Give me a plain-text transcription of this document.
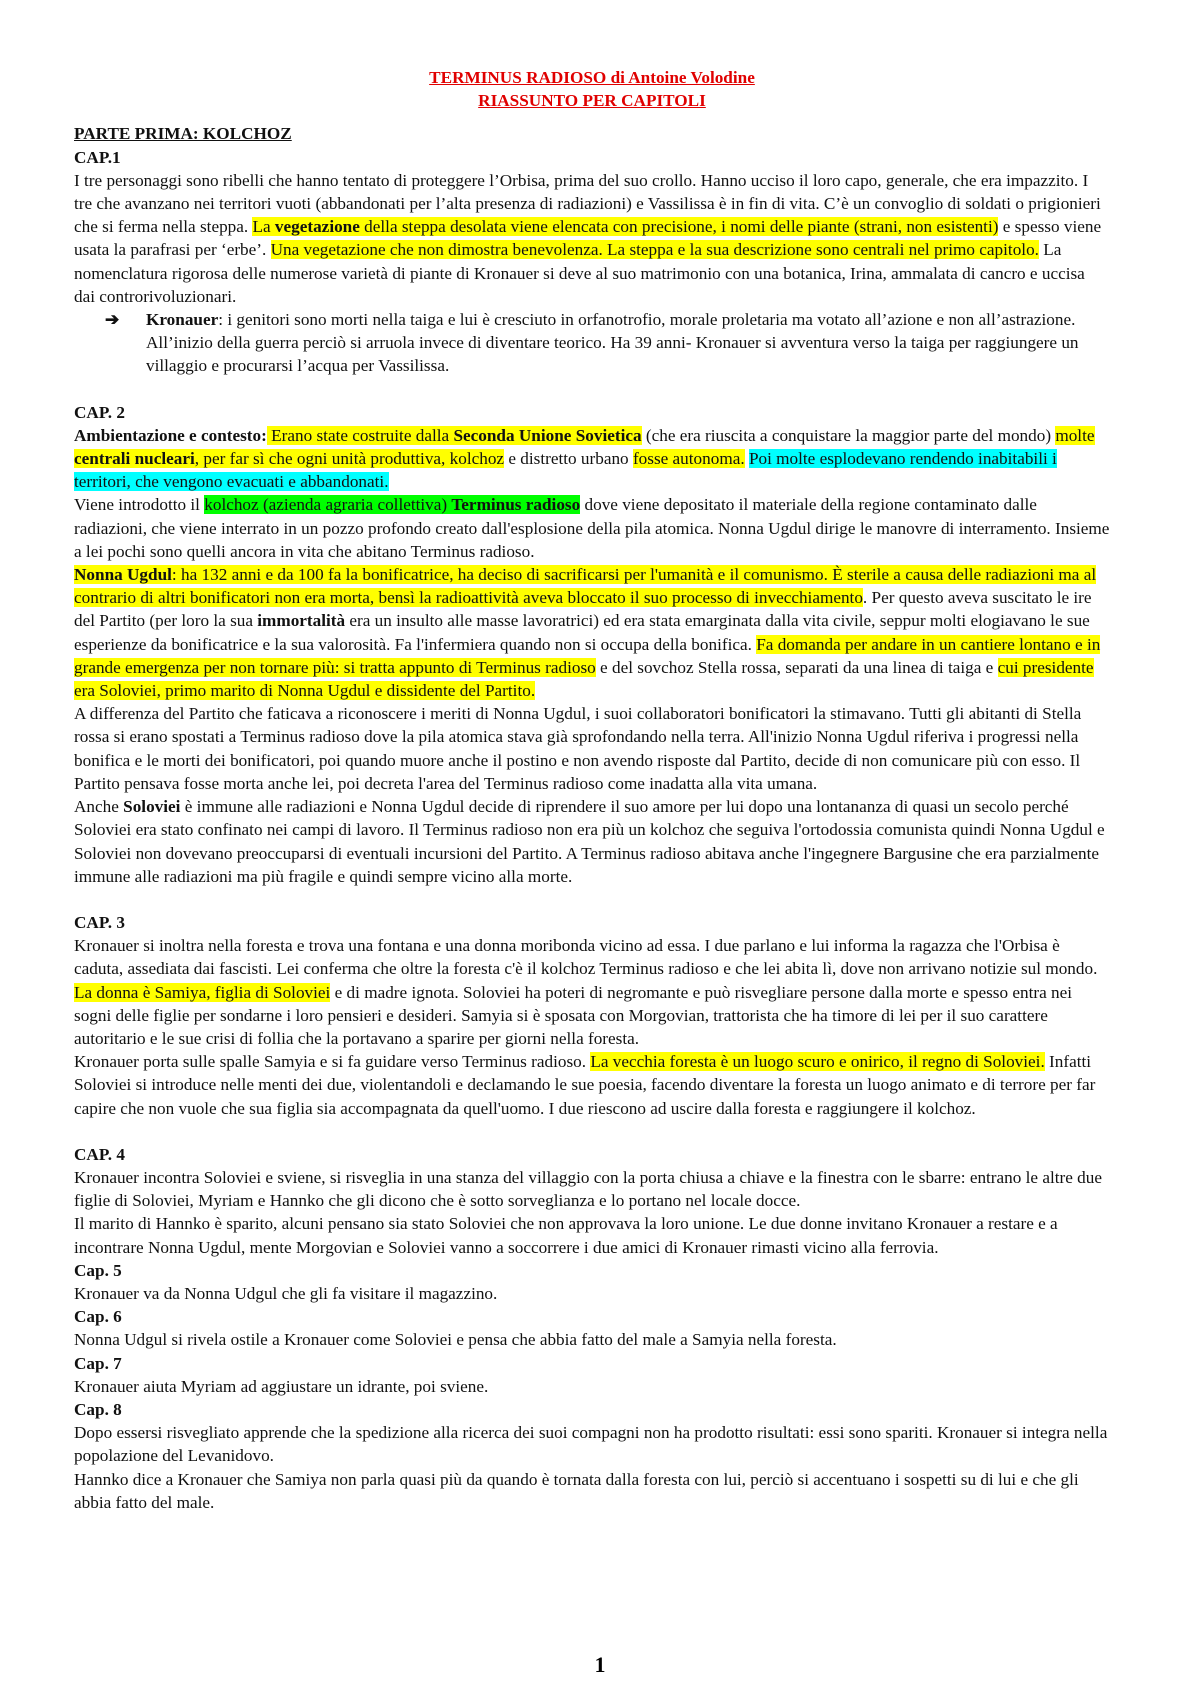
TERMINUS RADIOSO di Antoine Volodine
RIASSUNTO PER CAPITOLI
PARTE PRIMA: KOLCHOZ
CAP.1

I tre personaggi sono ribelli che hanno tentato di proteggere l’Orbisa, prima del suo crollo. Hanno ucciso il loro capo, generale, che era impazzito. I tre che avanzano nei territori vuoti (abbandonati per l’alta presenza di radiazioni) e Vassilissa è in fin di vita. C’è un convoglio di soldati o prigionieri che si ferma nella steppa. La vegetazione della steppa desolata viene elencata con precisione, i nomi delle piante (strani, non esistenti) e spesso viene usata la parafrasi per ‘erbe’. Una vegetazione che non dimostra benevolenza. La steppa e la sua descrizione sono centrali nel primo capitolo. La nomenclatura rigorosa delle numerose varietà di piante di Kronauer si deve al suo matrimonio con una botanica, Irina, ammalata di cancro e uccisa dai controrivoluzionari.

➔ Kronauer: i genitori sono morti nella taiga e lui è cresciuto in orfanotrofio, morale proletaria ma votato all’azione e non all’astrazione. All’inizio della guerra perciò si arruola invece di diventare teorico. Ha 39 anni- Kronauer si avventura verso la taiga per raggiungere un villaggio e procurarsi l’acqua per Vassilissa.

CAP. 2

Ambientazione e contesto: Erano state costruite dalla Seconda Unione Sovietica (che era riuscita a conquistare la maggior parte del mondo) molte centrali nucleari, per far sì che ogni unità produttiva, kolchoz e distretto urbano fosse autonoma. Poi molte esplodevano rendendo inabitabili i territori, che vengono evacuati e abbandonati.

Viene introdotto il kolchoz (azienda agraria collettiva) Terminus radioso dove viene depositato il materiale della regione contaminato dalle radiazioni, che viene interrato in un pozzo profondo creato dall'esplosione della pila atomica. Nonna Ugdul dirige le manovre di interramento. Insieme a lei pochi sono quelli ancora in vita che abitano Terminus radioso.

Nonna Ugdul: ha 132 anni e da 100 fa la bonificatrice, ha deciso di sacrificarsi per l'umanità e il comunismo. È sterile a causa delle radiazioni ma al contrario di altri bonificatori non era morta, bensì la radioattività aveva bloccato il suo processo di invecchiamento. Per questo aveva suscitato le ire del Partito (per loro la sua immortalità era un insulto alle masse lavoratrici) ed era stata emarginata dalla vita civile, seppur molti elogiavano le sue esperienze da bonificatrice e la sua valorosità. Fa l'infermiera quando non si occupa della bonifica. Fa domanda per andare in un cantiere lontano e in grande emergenza per non tornare più: si tratta appunto di Terminus radioso e del sovchoz Stella rossa, separati da una linea di taiga e cui presidente era Soloviei, primo marito di Nonna Ugdul e dissidente del Partito.

A differenza del Partito che faticava a riconoscere i meriti di Nonna Ugdul, i suoi collaboratori bonificatori la stimavano. Tutti gli abitanti di Stella rossa si erano spostati a Terminus radioso dove la pila atomica stava già sprofondando nella terra. All'inizio Nonna Ugdul riferiva i progressi nella bonifica e le morti dei bonificatori, poi quando muore anche il postino e non avendo risposte dal Partito, decide di non comunicare più con esso. Il Partito pensava fosse morta anche lei, poi decreta l'area del Terminus radioso come inadatta alla vita umana.

Anche Soloviei è immune alle radiazioni e Nonna Ugdul decide di riprendere il suo amore per lui dopo una lontananza di quasi un secolo perché Soloviei era stato confinato nei campi di lavoro. Il Terminus radioso non era più un kolchoz che seguiva l'ortodossia comunista quindi Nonna Ugdul e Soloviei non dovevano preoccuparsi di eventuali incursioni del Partito. A Terminus radioso abitava anche l'ingegnere Bargusine che era parzialmente immune alle radiazioni ma più fragile e quindi sempre vicino alla morte.

CAP. 3

Kronauer si inoltra nella foresta e trova una fontana e una donna moribonda vicino ad essa. I due parlano e lui informa la ragazza che l'Orbisa è caduta, assediata dai fascisti. Lei conferma che oltre la foresta c'è il kolchoz Terminus radioso e che lei abita lì, dove non arrivano notizie sul mondo. La donna è Samiya, figlia di Soloviei e di madre ignota. Soloviei ha poteri di negromante e può risvegliare persone dalla morte e spesso entra nei sogni delle figlie per sondarne i loro pensieri e desideri. Samyia si è sposata con Morgovian, trattorista che ha timore di lei per il suo carattere autoritario e le sue crisi di follia che la portavano a sparire per giorni nella foresta.

Kronauer porta sulle spalle Samyia e si fa guidare verso Terminus radioso. La vecchia foresta è un luogo scuro e onirico, il regno di Soloviei. Infatti Soloviei si introduce nelle menti dei due, violentandoli e declamando le sue poesia, facendo diventare la foresta un luogo animato e di terrore per far capire che non vuole che sua figlia sia accompagnata da quell'uomo. I due riescono ad uscire dalla foresta e raggiungere il kolchoz.

CAP. 4

Kronauer incontra Soloviei e sviene, si risveglia in una stanza del villaggio con la porta chiusa a chiave e la finestra con le sbarre: entrano le altre due figlie di Soloviei, Myriam e Hannko che gli dicono che è sotto sorveglianza e lo portano nel locale docce.

Il marito di Hannko è sparito, alcuni pensano sia stato Soloviei che non approvava la loro unione. Le due donne invitano Kronauer a restare e a incontrare Nonna Ugdul, mente Morgovian e Soloviei vanno a soccorrere i due amici di Kronauer rimasti vicino alla ferrovia.

Cap. 5

Kronauer va da Nonna Udgul che gli fa visitare il magazzino.

Cap. 6

Nonna Udgul si rivela ostile a Kronauer come Soloviei e pensa che abbia fatto del male a Samyia nella foresta.

Cap. 7

Kronauer aiuta Myriam ad aggiustare un idrante, poi sviene.

Cap. 8

Dopo essersi risvegliato apprende che la spedizione alla ricerca dei suoi compagni non ha prodotto risultati: essi sono spariti. Kronauer si integra nella popolazione del Levanidovo.

Hannko dice a Kronauer che Samiya non parla quasi più da quando è tornata dalla foresta con lui, perciò si accentuano i sospetti su di lui e che gli abbia fatto del male.

1
